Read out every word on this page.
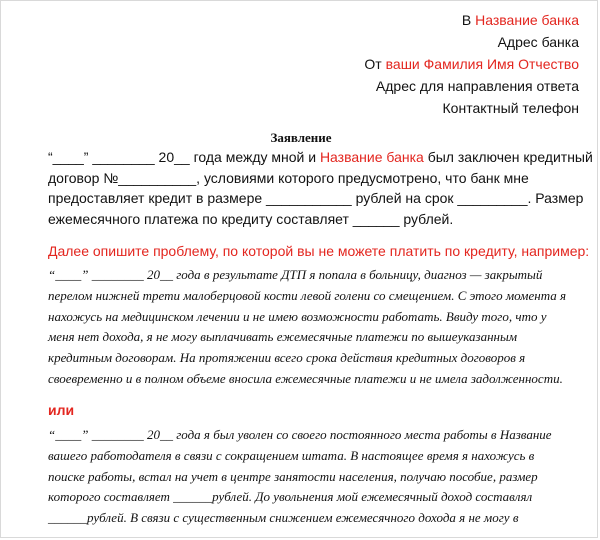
В Название банка
Адрес банка
От ваши Фамилия Имя Отчество
Адрес для направления ответа
Контактный телефон
Заявление
“____” ________ 20__ года между мной и Название банка был заключен кредитный
договор №__________, условиями которого предусмотрено, что банк мне
предоставляет кредит в размере ___________ рублей на срок _________. Размер
ежемесячного платежа по кредиту составляет ______ рублей.
Далее опишите проблему, по которой вы не можете платить по кредиту, например:
“____” ________ 20__ года в результате ДТП я попала в больницу, диагноз — закрытый
перелом нижней трети малоберцовой кости левой голени со смещением. С этого момента я
нахожусь на медицинском лечении и не имею возможности работать. Ввиду того, что у
меня нет дохода, я не могу выплачивать ежемесячные платежи по вышеуказанным
кредитным договорам. На протяжении всего срока действия кредитных договоров я
своевременно и в полном объеме вносила ежемесячные платежи и не имела задолженности.
или
“____” ________ 20__ года я был уволен со своего постоянного места работы в Название
вашего работодателя в связи с сокращением штата. В настоящее время я нахожусь в
поиске работы, встал на учет в центре занятости населения, получаю пособие, размер
которого составляет ______рублей. До увольнения мой ежемесячный доход составлял
______рублей. В связи с существенным снижением ежемесячного дохода я не могу в
